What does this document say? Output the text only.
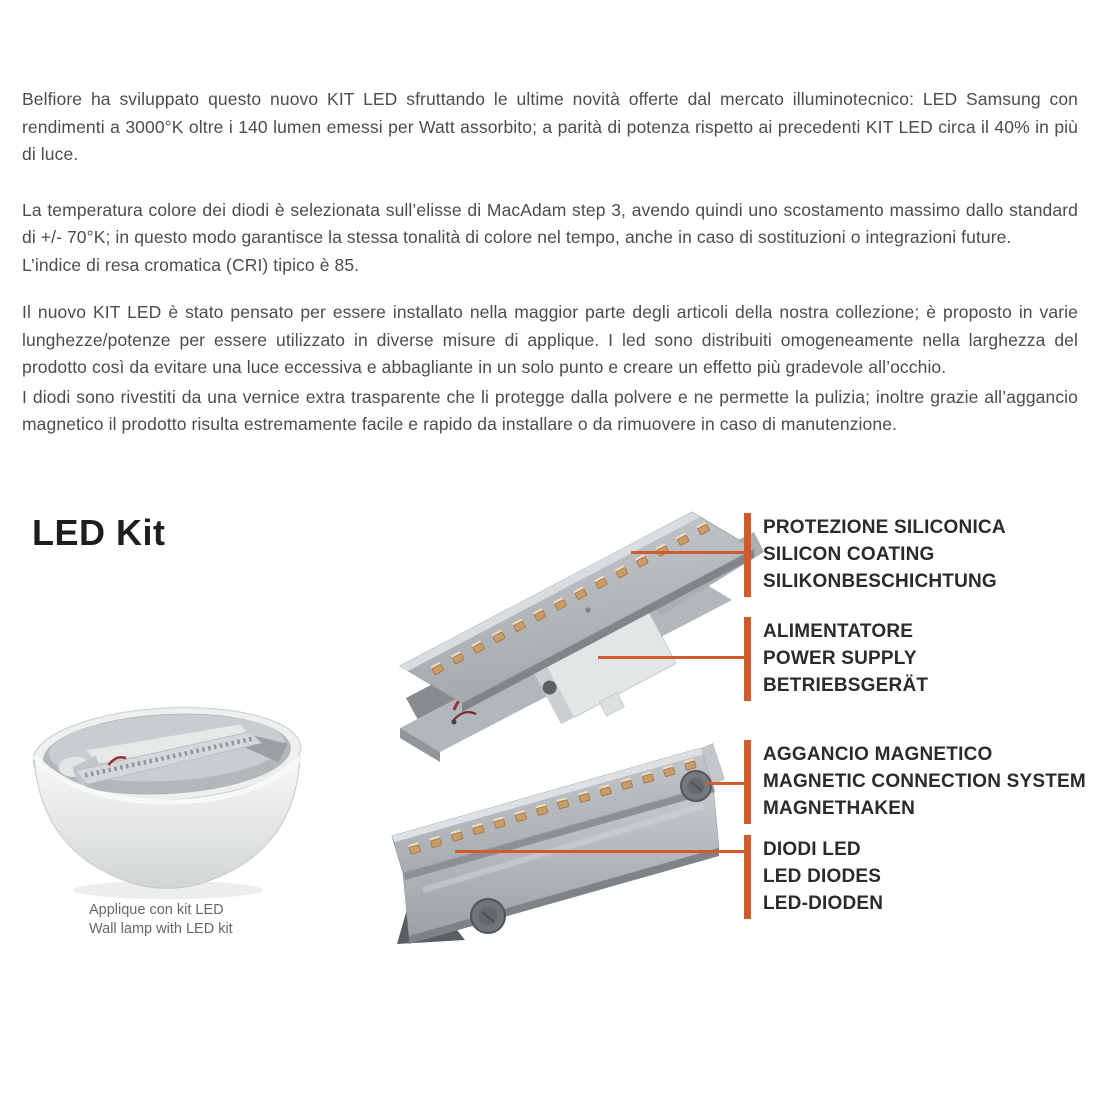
Belfiore ha sviluppato questo nuovo KIT LED sfruttando le ultime novità offerte dal mercato illuminotecnico: LED Samsung con rendimenti a 3000°K oltre i 140 lumen emessi per Watt assorbito; a parità di potenza rispetto ai precedenti KIT LED circa il 40% in più di luce.

La temperatura colore dei diodi è selezionata sull’elisse di MacAdam step 3, avendo quindi uno scostamento massimo dallo standard di +/- 70°K; in questo modo garantisce la stessa tonalità di colore nel tempo, anche in caso di sostituzioni o integrazioni future.
L’indice di resa cromatica (CRI) tipico è 85.

Il nuovo KIT LED è stato pensato per essere installato nella maggior parte degli articoli della nostra collezione; è proposto in varie lunghezze/potenze per essere utilizzato in diverse misure di applique. I led sono distribuiti omogeneamente nella larghezza del prodotto così da evitare una luce eccessiva e abbagliante in un solo punto e creare un effetto più gradevole all’occhio.

I diodi sono rivestiti da una vernice extra trasparente che li protegge dalla polvere e ne permette la pulizia; inoltre grazie all’aggancio magnetico il prodotto risulta estremamente facile e rapido da installare o da rimuovere in caso di manutenzione.

LED Kit
Applique con kit LED
Wall lamp with LED kit
PROTEZIONE SILICONICA
SILICON COATING
SILIKONBESCHICHTUNG
ALIMENTATORE
POWER SUPPLY
BETRIEBSGERÄT
AGGANCIO MAGNETICO
MAGNETIC CONNECTION SYSTEM
MAGNETHAKEN
DIODI LED
LED DIODES
LED-DIODEN
